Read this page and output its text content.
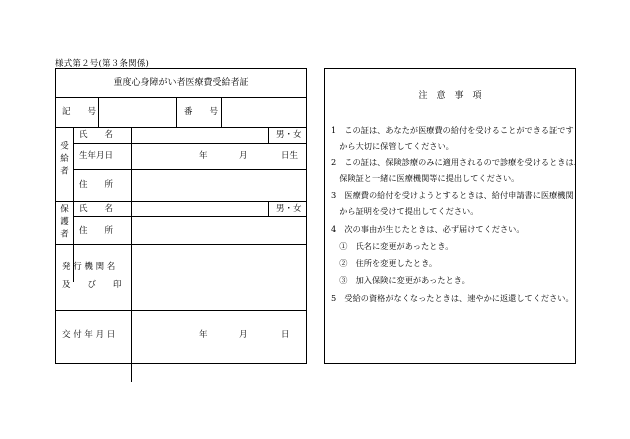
様式第２号(第３条関係)
重度心身障がい者医療費受給者証
記　　号	番　　号
受給者
氏　　名	男・女
生年月日	年	月	日生
住　　所
保護者 氏　　名	男・女
住　　所
発 行 機 関 名
及　　び　　印
交 付 年 月 日	年	月	日
注　意　事　項
1　この証は、あなたが医療費の給付を受けることができる証です
　から大切に保管してください。
2　この証は、保険診療のみに適用されるので診療を受けるときは、
　保険証と一緒に医療機関等に提出してください。
3　医療費の給付を受けようとするときは、給付申請書に医療機関
　から証明を受けて提出してください。
4　次の事由が生じたときは、必ず届けてください。
　①　氏名に変更があったとき。
　②　住所を変更したとき。
　③　加入保険に変更があったとき。
5　受給の資格がなくなったときは、速やかに返還してください。
